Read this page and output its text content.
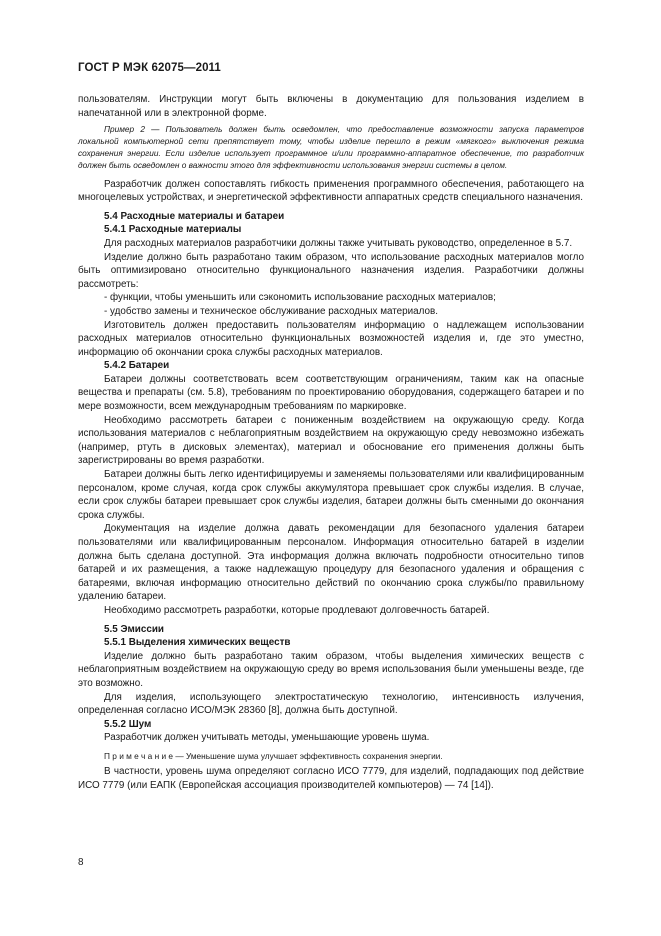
ГОСТ Р МЭК 62075—2011

пользователям. Инструкции могут быть включены в документацию для пользования изделием в напечатанной или в электронной форме.

Пример 2 — Пользователь должен быть осведомлен, что предоставление возможности запуска параметров локальной компьютерной сети препятствует тому, чтобы изделие перешло в режим «мягкого» выключения режима сохранения энергии. Если изделие использует программное и/или программно-аппаратное обеспечение, то разработчик должен быть осведомлен о важности этого для эффективности использования энергии системы в целом.

Разработчик должен сопоставлять гибкость применения программного обеспечения, работающего на многоцелевых устройствах, и энергетической эффективности аппаратных средств специального назначения.

5.4 Расходные материалы и батареи

5.4.1 Расходные материалы

Для расходных материалов разработчики должны также учитывать руководство, определенное в 5.7.

Изделие должно быть разработано таким образом, что использование расходных материалов могло быть оптимизировано относительно функционального назначения изделия. Разработчики должны рассмотреть:

- функции, чтобы уменьшить или сэкономить использование расходных материалов;

- удобство замены и техническое обслуживание расходных материалов.

Изготовитель должен предоставить пользователям информацию о надлежащем использовании расходных материалов относительно функциональных возможностей изделия и, где это уместно, информацию об окончании срока службы расходных материалов.

5.4.2 Батареи

Батареи должны соответствовать всем соответствующим ограничениям, таким как на опасные вещества и препараты (см. 5.8), требованиям по проектированию оборудования, содержащего батареи и по мере возможности, всем международным требованиям по маркировке.

Необходимо рассмотреть батареи с пониженным воздействием на окружающую среду. Когда использования материалов с неблагоприятным воздействием на окружающую среду невозможно избежать (например, ртуть в дисковых элементах), материал и обоснование его применения должны быть зарегистрированы во время разработки.

Батареи должны быть легко идентифицируемы и заменяемы пользователями или квалифицированным персоналом, кроме случая, когда срок службы аккумулятора превышает срок службы изделия. В случае, если срок службы батареи превышает срок службы изделия, батареи должны быть сменными до окончания срока службы.

Документация на изделие должна давать рекомендации для безопасного удаления батареи пользователями или квалифицированным персоналом. Информация относительно батарей в изделии должна быть сделана доступной. Эта информация должна включать подробности относительно типов батарей и их размещения, а также надлежащую процедуру для безопасного удаления и обращения с батареями, включая информацию относительно действий по окончанию срока службы/по правильному удалению батареи.

Необходимо рассмотреть разработки, которые продлевают долговечность батарей.

5.5 Эмиссии

5.5.1 Выделения химических веществ

Изделие должно быть разработано таким образом, чтобы выделения химических веществ с неблагоприятным воздействием на окружающую среду во время использования были уменьшены везде, где это возможно.

Для изделия, использующего электростатическую технологию, интенсивность излучения, определенная согласно ИСО/МЭК 28360 [8], должна быть доступной.

5.5.2 Шум

Разработчик должен учитывать методы, уменьшающие уровень шума.

П р и м е ч а н и е — Уменьшение шума улучшает эффективность сохранения энергии.

В частности, уровень шума определяют согласно ИСО 7779, для изделий, подпадающих под действие ИСО 7779 (или ЕАПК (Европейская ассоциация производителей компьютеров) — 74 [14]).

8
